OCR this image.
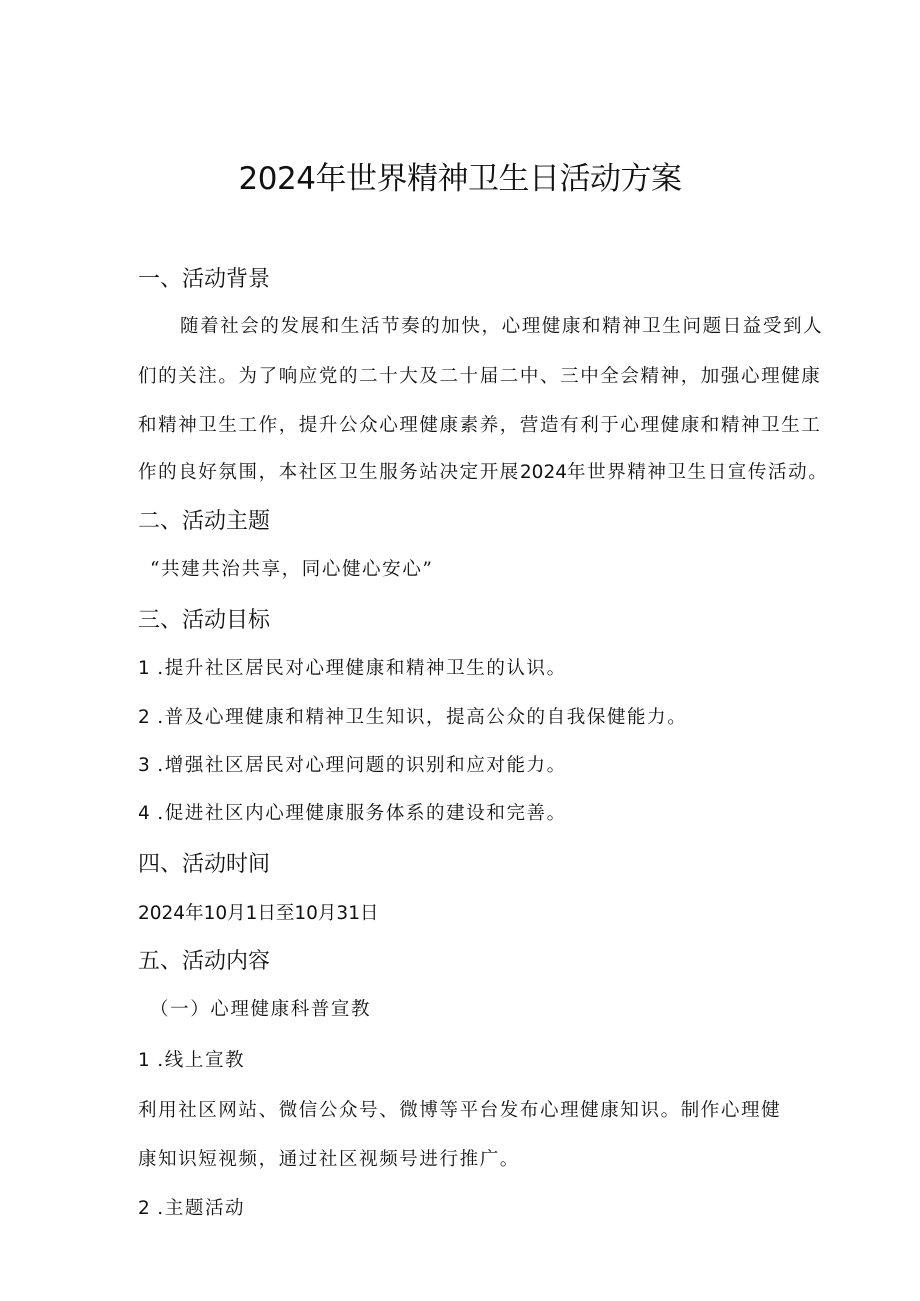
2024年世界精神卫生日活动方案
一、活动背景
随着社会的发展和生活节奏的加快，心理健康和精神卫生问题日益受到人
们的关注。为了响应党的二十大及二十届二中、三中全会精神，加强心理健康
和精神卫生工作，提升公众心理健康素养，营造有利于心理健康和精神卫生工
作的良好氛围，本社区卫生服务站决定开展2024年世界精神卫生日宣传活动。
二、活动主题
“共建共治共享，同心健心安心”
三、活动目标
1 .提升社区居民对心理健康和精神卫生的认识。
2 .普及心理健康和精神卫生知识，提高公众的自我保健能力。
3 .增强社区居民对心理问题的识别和应对能力。
4 .促进社区内心理健康服务体系的建设和完善。
四、活动时间
2024年10月1日至10月31日
五、活动内容
（一）心理健康科普宣教
1 .线上宣教
利用社区网站、微信公众号、微博等平台发布心理健康知识。制作心理健
康知识短视频，通过社区视频号进行推广。
2 .主题活动
